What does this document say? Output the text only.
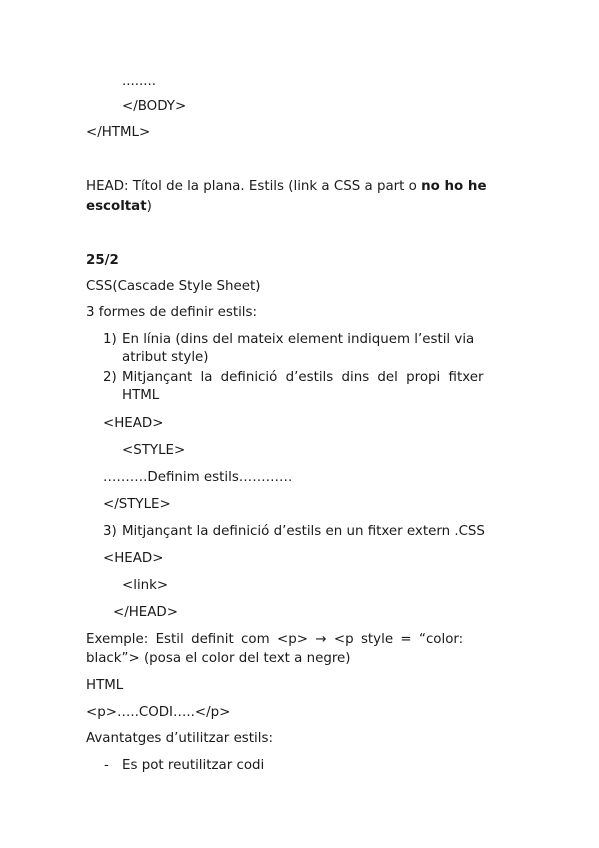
........
</BODY>
</HTML>
HEAD: Títol de la plana. Estils (link a CSS a part o no ho he
escoltat)
25/2
CSS(Cascade Style Sheet)
3 formes de definir estils:
1) En línia (dins del mateix element indiquem l’estil via
atribut style)
2) Mitjançant la definició d’estils dins del propi fitxer
HTML
<HEAD>
<STYLE>
……….Definim estils…………
</STYLE>
3) Mitjançant la definició d’estils en un fitxer extern .CSS
<HEAD>
<link>
</HEAD>
Exemple: Estil definit com <p> → <p style = “color:
black”> (posa el color del text a negre)
HTML
<p>…..CODI…..</p>
Avantatges d’utilitzar estils:
- Es pot reutilitzar codi
